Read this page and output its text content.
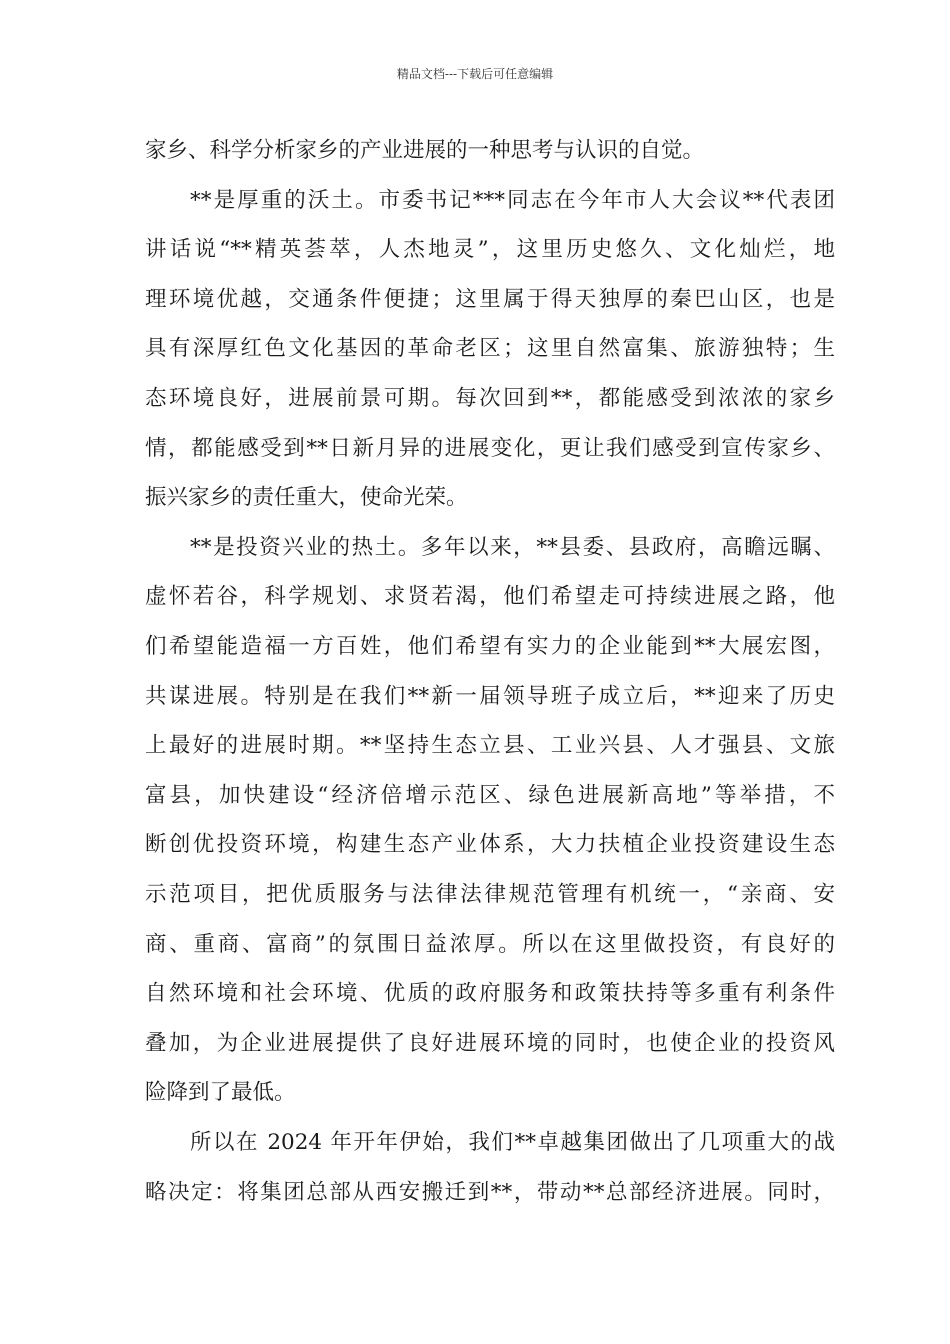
精品文档---下载后可任意编辑
家乡、科学分析家乡的产业进展的一种思考与认识的自觉。
**是厚重的沃土。市委书记***同志在今年市人大会议**代表团
讲话说“**精英荟萃，人杰地灵”，这里历史悠久、文化灿烂，地
理环境优越，交通条件便捷；这里属于得天独厚的秦巴山区，也是
具有深厚红色文化基因的革命老区；这里自然富集、旅游独特；生
态环境良好，进展前景可期。每次回到**，都能感受到浓浓的家乡
情，都能感受到**日新月异的进展变化，更让我们感受到宣传家乡、
振兴家乡的责任重大，使命光荣。
**是投资兴业的热土。多年以来，**县委、县政府，高瞻远瞩、
虚怀若谷，科学规划、求贤若渴，他们希望走可持续进展之路，他
们希望能造福一方百姓，他们希望有实力的企业能到**大展宏图，
共谋进展。特别是在我们**新一届领导班子成立后，**迎来了历史
上最好的进展时期。**坚持生态立县、工业兴县、人才强县、文旅
富县，加快建设“经济倍增示范区、绿色进展新高地”等举措，不
断创优投资环境，构建生态产业体系，大力扶植企业投资建设生态
示范项目，把优质服务与法律法律规范管理有机统一，“亲商、安
商、重商、富商”的氛围日益浓厚。所以在这里做投资，有良好的
自然环境和社会环境、优质的政府服务和政策扶持等多重有利条件
叠加，为企业进展提供了良好进展环境的同时，也使企业的投资风
险降到了最低。
所以在 2024 年开年伊始，我们**卓越集团做出了几项重大的战
略决定：将集团总部从西安搬迁到**，带动**总部经济进展。同时，
